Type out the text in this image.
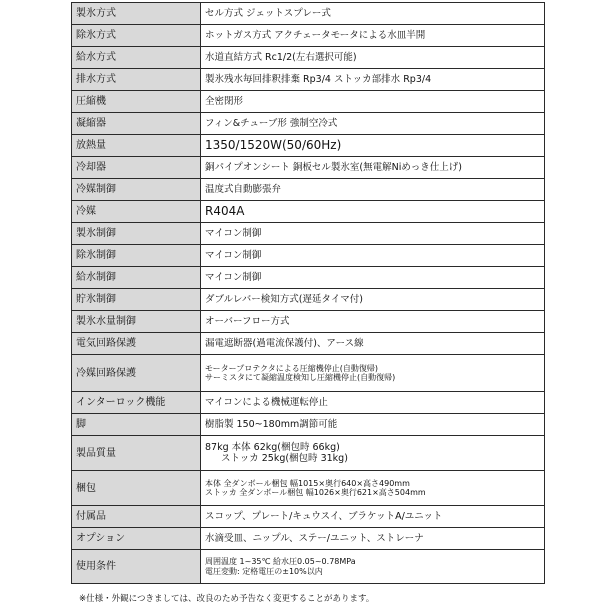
製氷方式	セル方式 ジェットスプレー式

除氷方式	ホットガス方式 アクチェータモータによる水皿半開

給水方式	水道直結方式 Rc1/2(左右選択可能)

排水方式	製氷残水毎回排釈排棄 Rp3/4 ストッカ部排水 Rp3/4

圧縮機	全密閉形

凝縮器	フィン&チューブ形 強制空冷式

放熱量	1350/1520W(50/60Hz)

冷却器	銅パイプオンシート 銅板セル製氷室(無電解Niめっき仕上げ)

冷媒制御	温度式自動膨張弁

冷媒	R404A

製氷制御	マイコン制御

除氷制御	マイコン制御

給水制御	マイコン制御

貯氷制御	ダブルレバー検知方式(遅延タイマ付)

製氷水量制御	オーバーフロー方式

電気回路保護	漏電遮断器(過電流保護付)、アース線

冷媒回路保護	モータープロテクタによる圧縮機停止(自動復帰)
サーミスタにて凝縮温度検知し圧縮機停止(自動復帰)

インターロック機能	マイコンによる機械運転停止

脚	樹脂製 150~180mm調節可能

製品質量	87kg 本体 62kg(梱包時 66kg)
ストッカ 25kg(梱包時 31kg)

梱包	本体 全ダンボール梱包 幅1015×奥行640×高さ490mm
ストッカ 全ダンボール梱包 幅1026×奥行621×高さ504mm

付属品	スコップ、プレート/キュウスイ、ブラケットA/ユニット

オプション	水滴受皿、ニップル、ステー/ユニット、ストレーナ

使用条件	周囲温度 1~35℃ 給水圧0.05~0.78MPa
電圧変動: 定格電圧の±10%以内
※仕様・外観につきましては、改良のため予告なく変更することがあります。
